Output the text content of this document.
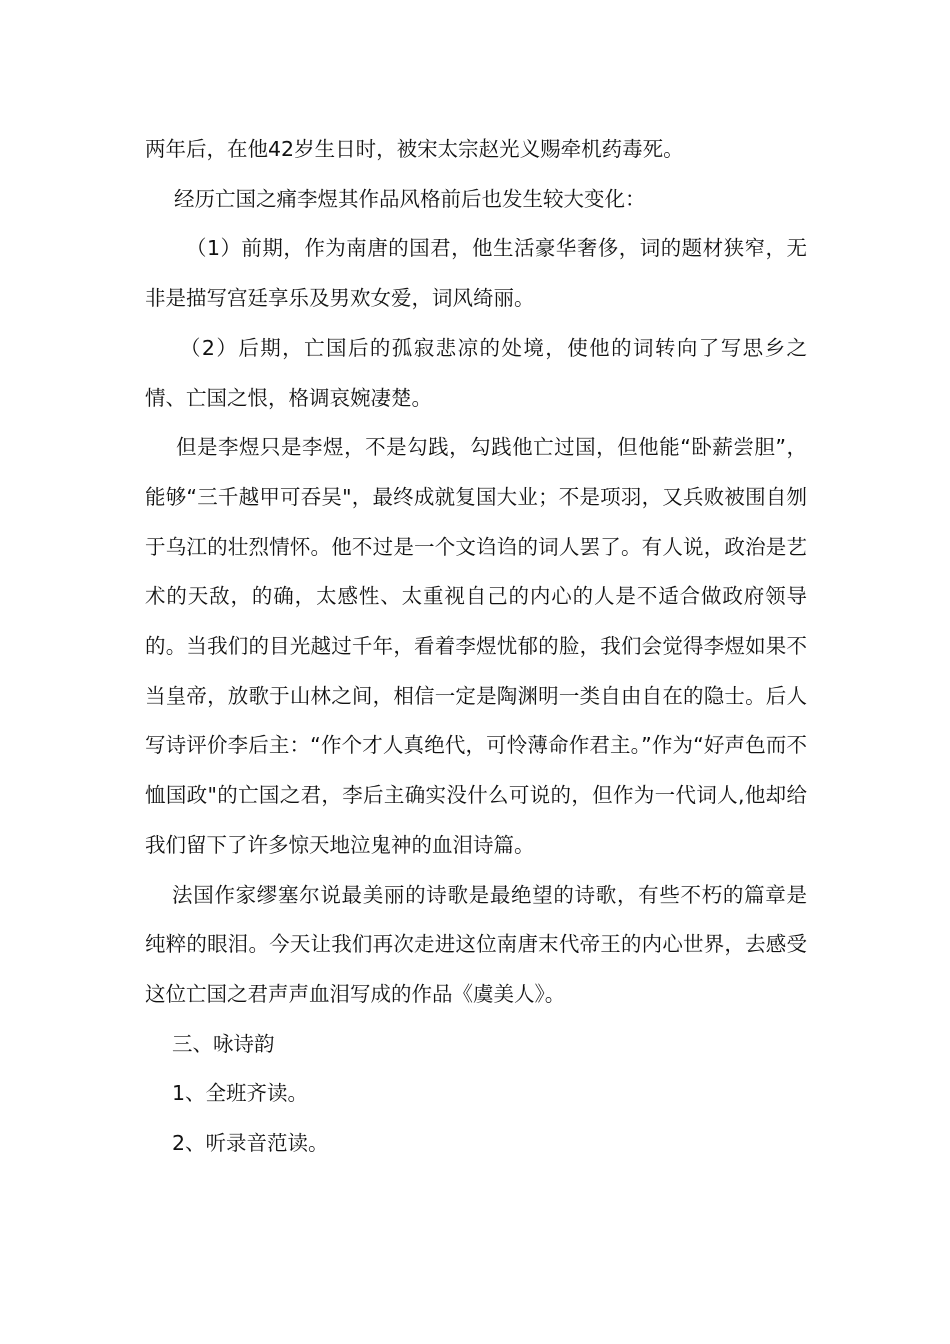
两年后，在他42岁生日时，被宋太宗赵光义赐牵机药毒死。

经历亡国之痛李煜其作品风格前后也发生较大变化：

（1）前期，作为南唐的国君，他生活豪华奢侈，词的题材狭窄，无非是描写宫廷享乐及男欢女爱，词风绮丽。

（2）后期，亡国后的孤寂悲凉的处境，使他的词转向了写思乡之情、亡国之恨，格调哀婉凄楚。

但是李煜只是李煜，不是勾践，勾践他亡过国，但他能“卧薪尝胆”，能够“三千越甲可吞吴"，最终成就复国大业；不是项羽，又兵败被围自刎于乌江的壮烈情怀。他不过是一个文诌诌的词人罢了。有人说，政治是艺术的天敌，的确，太感性、太重视自己的内心的人是不适合做政府领导的。当我们的目光越过千年，看着李煜忧郁的脸，我们会觉得李煜如果不当皇帝，放歌于山林之间，相信一定是陶渊明一类自由自在的隐士。后人写诗评价李后主：“作个才人真绝代，可怜薄命作君主。”作为“好声色而不恤国政"的亡国之君，李后主确实没什么可说的，但作为一代词人,他却给我们留下了许多惊天地泣鬼神的血泪诗篇。

法国作家缪塞尔说最美丽的诗歌是最绝望的诗歌，有些不朽的篇章是纯粹的眼泪。今天让我们再次走进这位南唐末代帝王的内心世界，去感受这位亡国之君声声血泪写成的作品《虞美人》。

三、咏诗韵

1、全班齐读。

2、听录音范读。
